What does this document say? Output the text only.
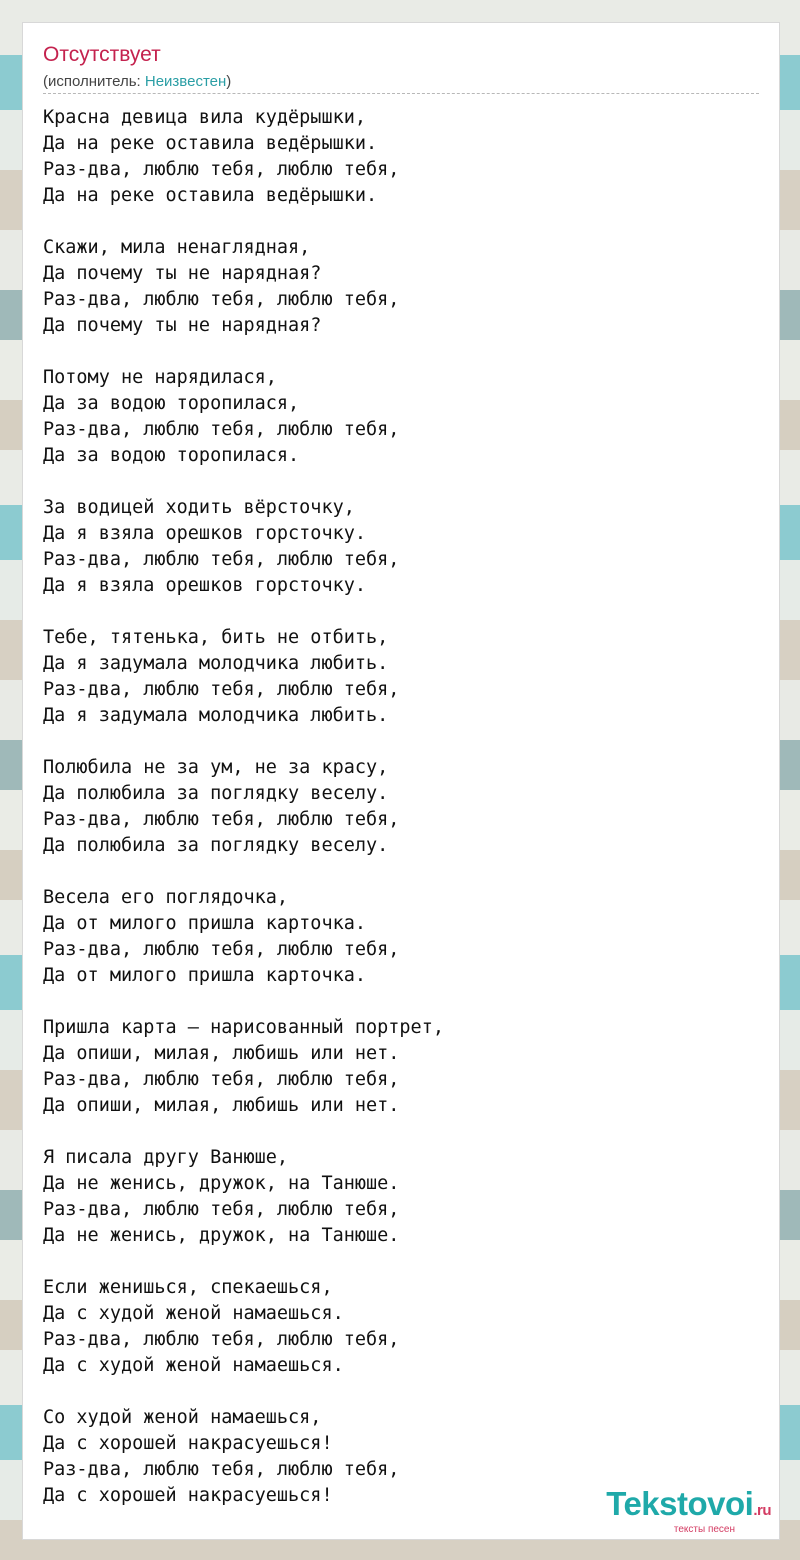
Отсутствует
(исполнитель: Неизвестен)
Красна девица вила кудёрышки,
Да на реке оставила ведёрышки.
Раз-два, люблю тебя, люблю тебя,
Да на реке оставила ведёрышки.

Скажи, мила ненаглядная,
Да почему ты не нарядная?
Раз-два, люблю тебя, люблю тебя,
Да почему ты не нарядная?

Потому не нарядилася,
Да за водою торопилася,
Раз-два, люблю тебя, люблю тебя,
Да за водою торопилася.

За водицей ходить вёрсточку,
Да я взяла орешков горсточку.
Раз-два, люблю тебя, люблю тебя,
Да я взяла орешков горсточку.

Тебе, тятенька, бить не отбить,
Да я задумала молодчика любить.
Раз-два, люблю тебя, люблю тебя,
Да я задумала молодчика любить.

Полюбила не за ум, не за красу,
Да полюбила за поглядку веселу.
Раз-два, люблю тебя, люблю тебя,
Да полюбила за поглядку веселу.

Весела его поглядочка,
Да от милого пришла карточка.
Раз-два, люблю тебя, люблю тебя,
Да от милого пришла карточка.

Пришла карта — нарисованный портрет,
Да опиши, милая, любишь или нет.
Раз-два, люблю тебя, люблю тебя,
Да опиши, милая, любишь или нет.

Я писала другу Ванюше,
Да не женись, дружок, на Танюше.
Раз-два, люблю тебя, люблю тебя,
Да не женись, дружок, на Танюше.

Если женишься, спекаешься,
Да с худой женой намаешься.
Раз-два, люблю тебя, люблю тебя,
Да с худой женой намаешься.

Со худой женой намаешься,
Да с хорошей накрасуешься!
Раз-два, люблю тебя, люблю тебя,
Да с хорошей накрасуешься!	Tekstovoi.ru
тексты песен
